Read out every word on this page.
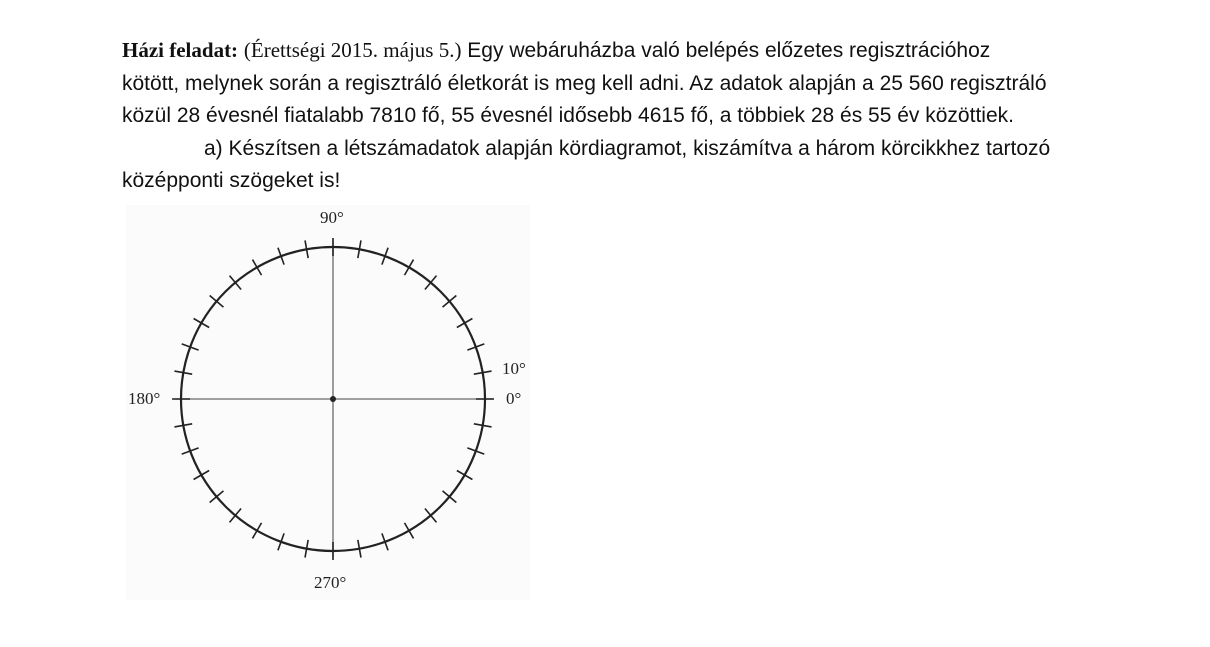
Házi feladat: (Érettségi 2015. május 5.) Egy webáruházba való belépés előzetes regisztrációhoz

kötött, melynek során a regisztráló életkorát is meg kell adni. Az adatok alapján a 25 560 regisztráló

közül 28 évesnél fiatalabb 7810 fő, 55 évesnél idősebb 4615 fő, a többiek 28 és 55 év közöttiek.

a) Készítsen a létszámadatok alapján kördiagramot, kiszámítva a három körcikkhez tartozó

középponti szögeket is!

90°
180°
270°
10°
0°
